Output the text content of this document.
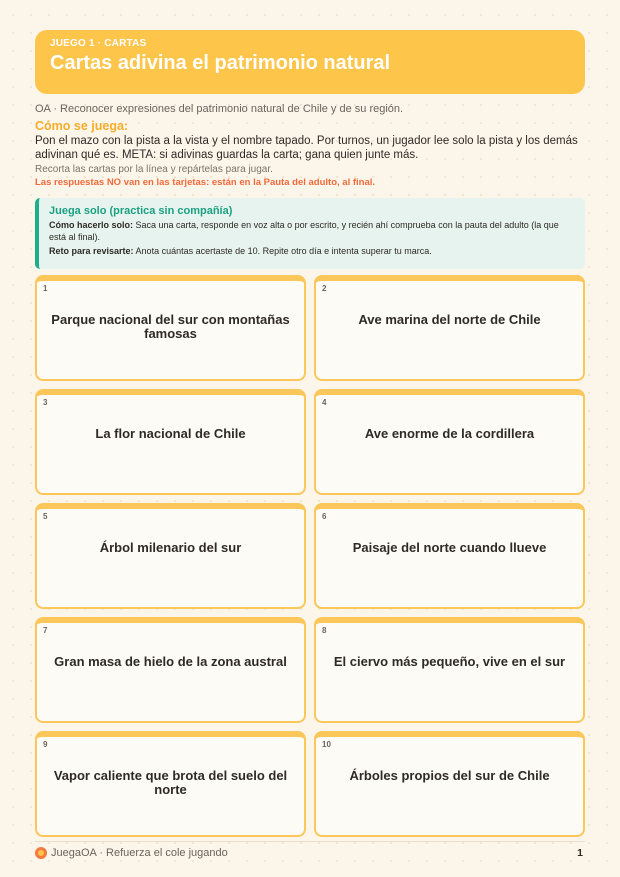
JUEGO 1 · CARTAS
Cartas adivina el patrimonio natural
OA · Reconocer expresiones del patrimonio natural de Chile y de su región.
Cómo se juega:
Pon el mazo con la pista a la vista y el nombre tapado. Por turnos, un jugador lee solo la pista y los demás adivinan qué es. META: si adivinas guardas la carta; gana quien junte más.
Recorta las cartas por la línea y repártelas para jugar.
Las respuestas NO van en las tarjetas: están en la Pauta del adulto, al final.
Juega solo (practica sin compañía)
Cómo hacerlo solo: Saca una carta, responde en voz alta o por escrito, y recién ahí comprueba con la pauta del adulto (la que está al final).
Reto para revisarte: Anota cuántas acertaste de 10. Repite otro día e intenta superar tu marca.
1
Parque nacional del sur con montañas famosas
2
Ave marina del norte de Chile
3
La flor nacional de Chile
4
Ave enorme de la cordillera
5
Árbol milenario del sur
6
Paisaje del norte cuando llueve
7
Gran masa de hielo de la zona austral
8
El ciervo más pequeño, vive en el sur
9
Vapor caliente que brota del suelo del norte
10
Árboles propios del sur de Chile
JuegaOA · Refuerza el cole jugando	1
